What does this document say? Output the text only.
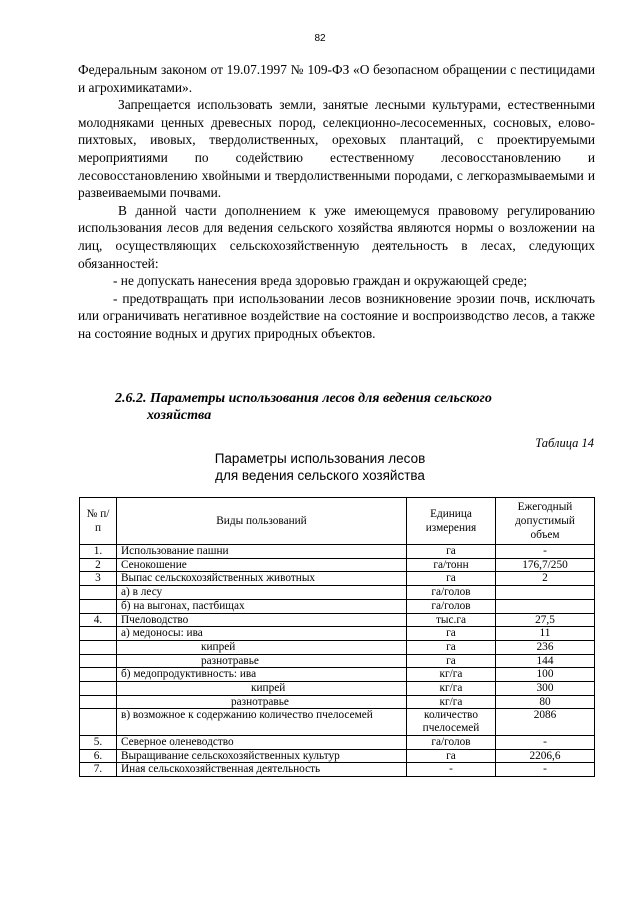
82

Федеральным законом от 19.07.1997 № 109-ФЗ «О безопасном обращении с пестицидами и агрохимикатами».

Запрещается использовать земли, занятые лесными культурами, естественными молодняками ценных древесных пород, селекционно-лесосеменных, сосновых, елово-пихтовых, ивовых, твердолиственных, ореховых плантаций, с проектируемыми мероприятиями по содействию естественному лесовосстановлению и лесовосстановлению хвойными и твердолиственными породами, с легкоразмываемыми и развеиваемыми почвами.

В данной части дополнением к уже имеющемуся правовому регулированию использования лесов для ведения сельского хозяйства являются нормы о возложении на лиц, осуществляющих сельскохозяйственную деятельность в лесах, следующих обязанностей:

- не допускать нанесения вреда здоровью граждан и окружающей среде;

- предотвращать при использовании лесов возникновение эрозии почв, исключать или ограничивать негативное воздействие на состояние и воспроизводство лесов, а также на состояние водных и других природных объектов.

2.6.2. Параметры использования лесов для ведения сельского
хозяйства
Таблица 14
Параметры использования лесов
для ведения сельского хозяйства
№ п/п	Виды пользований	Единица измерения	Ежегодный допустимый объем
1.	Использование пашни	га	-
2	Сенокошение	га/тонн	176,7/250
3	Выпас сельскохозяйственных животных	га	2
	а) в лесу	га/голов	
	б) на выгонах, пастбищах	га/голов	
4.	Пчеловодство	тыс.га	27,5
	а) медоносы: ива	га	11
	кипрей	га	236
	разнотравье	га	144
	б) медопродуктивность: ива	кг/га	100
	кипрей	кг/га	300
	разнотравье	кг/га	80
	в) возможное к содержанию количество пчелосемей	количество пчелосемей	2086
5.	Северное оленеводство	га/голов	-
6.	Выращивание сельскохозяйственных культур	га	2206,6
7.	Иная сельскохозяйственная деятельность	-	-
